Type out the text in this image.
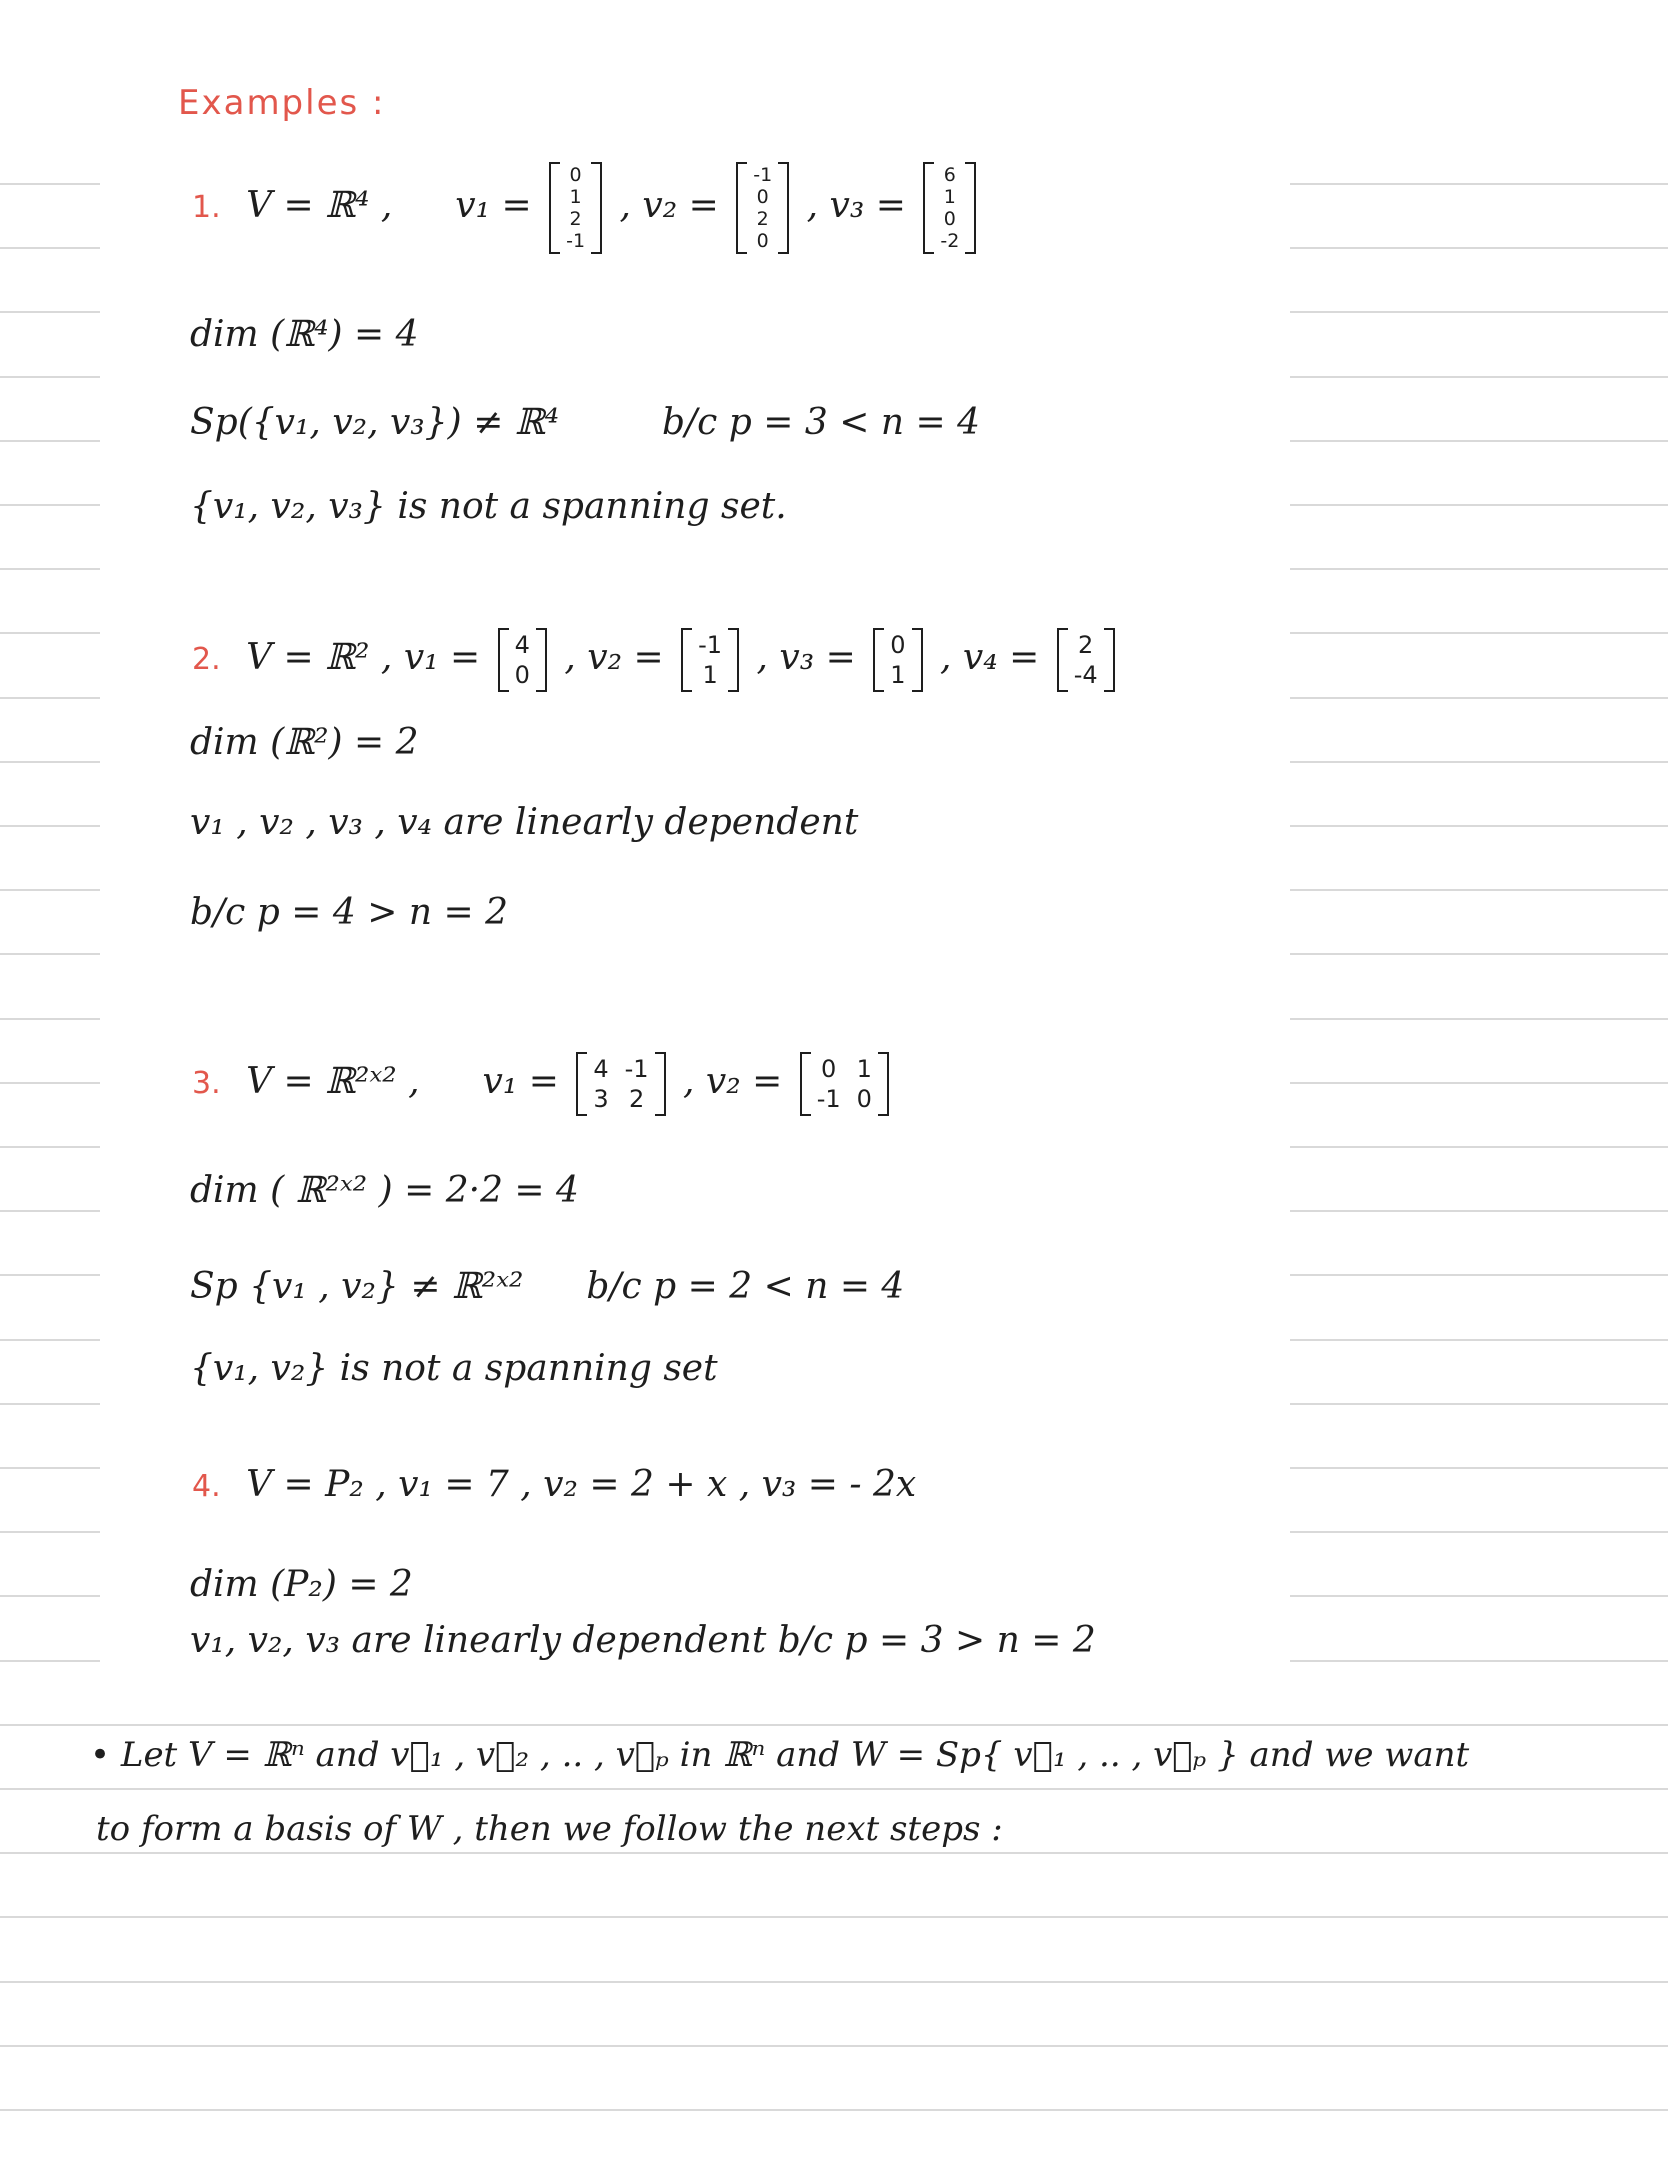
Examples :
1. V = ℝ⁴ , v₁ =
0
1
2
-1
, v₂ =
-1
0
2
0
, v₃ =
6
1
0
-2
dim (ℝ⁴) = 4
Sp({v₁, v₂, v₃}) ≠ ℝ⁴	b/c p = 3 < n = 4
{v₁, v₂, v₃} is not a spanning set.
2. V = ℝ² , v₁ = 4
0 , v₂ = -1
1 , v₃ = 0
1 , v₄ = 2
-4
dim (ℝ²) = 2
v₁ , v₂ , v₃ , v₄ are linearly dependent
b/c p = 4 > n = 2
3. V = ℝ²ˣ² , v₁ = 4
3
-1
2 , v₂ = 0
-1
1
0
dim ( ℝ²ˣ² ) = 2·2 = 4
Sp {v₁ , v₂} ≠ ℝ²ˣ² b/c p = 2 < n = 4
{v₁, v₂} is not a spanning set
4. V = P₂ , v₁ = 7 , v₂ = 2 + x , v₃ = - 2x
dim (P₂) = 2
v₁, v₂, v₃ are linearly dependent b/c p = 3 > n = 2
• Let V = ℝⁿ and v⃗₁ , v⃗₂ , .. , v⃗ₚ in ℝⁿ and W = Sp{ v⃗₁ , .. , v⃗ₚ } and we want
to form a basis of W , then we follow the next steps :
